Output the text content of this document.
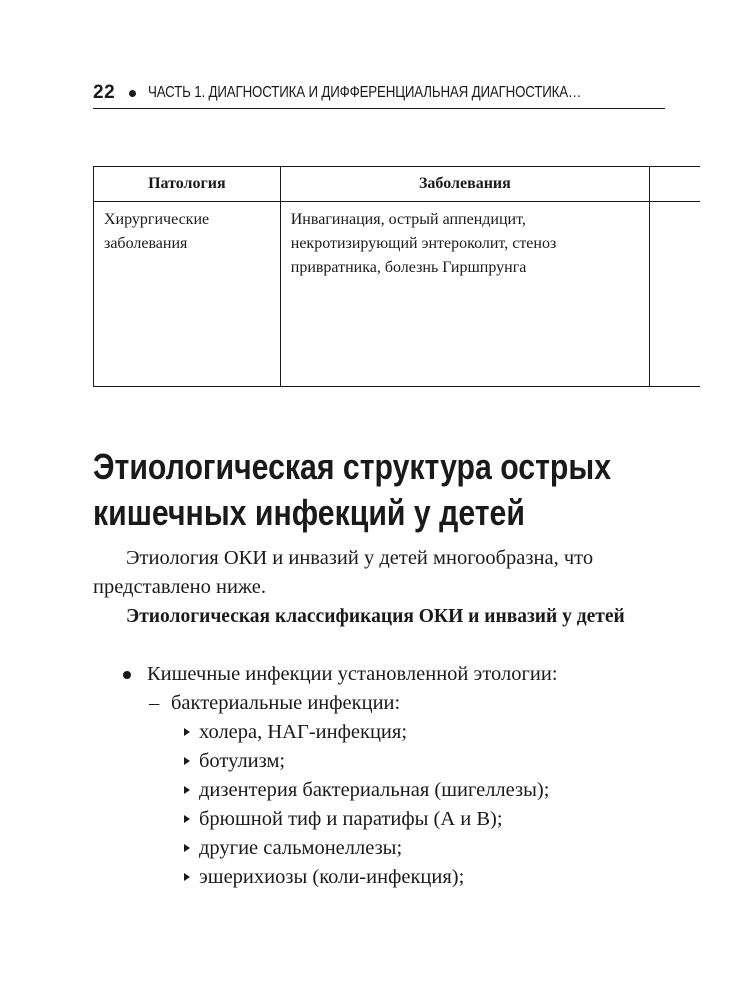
22 ЧАСТЬ 1. ДИАГНОСТИКА И ДИФФЕРЕНЦИАЛЬНАЯ ДИАГНОСТИКА…
Патология	Заболевания	
Хирургические заболевания	Инвагинация, острый аппендицит, некротизирующий энтероколит, стеноз привратника, болезнь Гиршпрунга	
Этиологическая структура острых кишечных инфекций у детей

Этиология ОКИ и инвазий у детей многообразна, что представлено ниже.

Этиологическая классификация ОКИ и инвазий у детей

Кишечные инфекции установленной этологии:
– бактериальные инфекции:
холера, НАГ-инфекция;
ботулизм;
дизентерия бактериальная (шигеллезы);
брюшной тиф и паратифы (А и В);
другие сальмонеллезы;
эшерихиозы (коли-инфекция);
